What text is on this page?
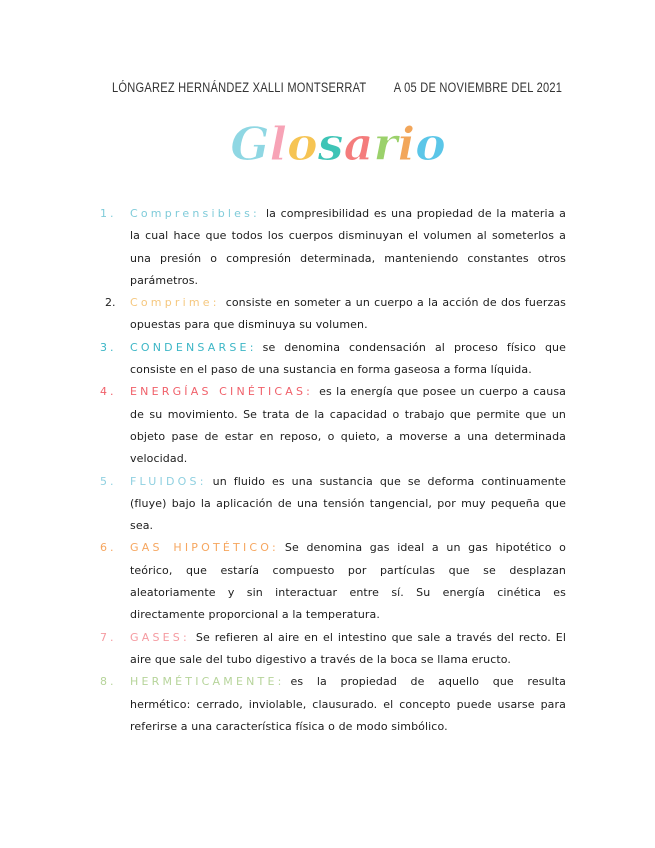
LÓNGAREZ HERNÁNDEZ XALLI MONTSERRAT A 05 DE NOVIEMBRE DEL 2021
Glosario
1.	Comprensibles: la compresibilidad es una propiedad de la materia a la cual hace que todos los cuerpos disminuyan el volumen al someterlos a una presión o compresión determinada, manteniendo constantes otros parámetros.
2.	Comprime: consiste en someter a un cuerpo a la acción de dos fuerzas opuestas para que disminuya su volumen.
3.	CONDENSARSE: se denomina condensación al proceso físico que consiste en el paso de una sustancia en forma gaseosa a forma líquida.
4.	ENERGÍAS CINÉTICAS: es la energía que posee un cuerpo a causa de su movimiento. Se trata de la capacidad o trabajo que permite que un objeto pase de estar en reposo, o quieto, a moverse a una determinada velocidad.
5.	FLUIDOS: un fluido es una sustancia que se deforma continuamente (fluye) bajo la aplicación de una tensión tangencial, por muy pequeña que sea.
6.	GAS HIPOTÉTICO: Se denomina gas ideal a un gas hipotético o teórico, que estaría compuesto por partículas que se desplazan aleatoriamente y sin interactuar entre sí. Su energía cinética es directamente proporcional a la temperatura.
7.	GASES: Se refieren al aire en el intestino que sale a través del recto. El aire que sale del tubo digestivo a través de la boca se llama eructo.
8.	HERMÉTICAMENTE: es la propiedad de aquello que resulta hermético: cerrado, inviolable, clausurado. el concepto puede usarse para referirse a una característica física o de modo simbólico.
